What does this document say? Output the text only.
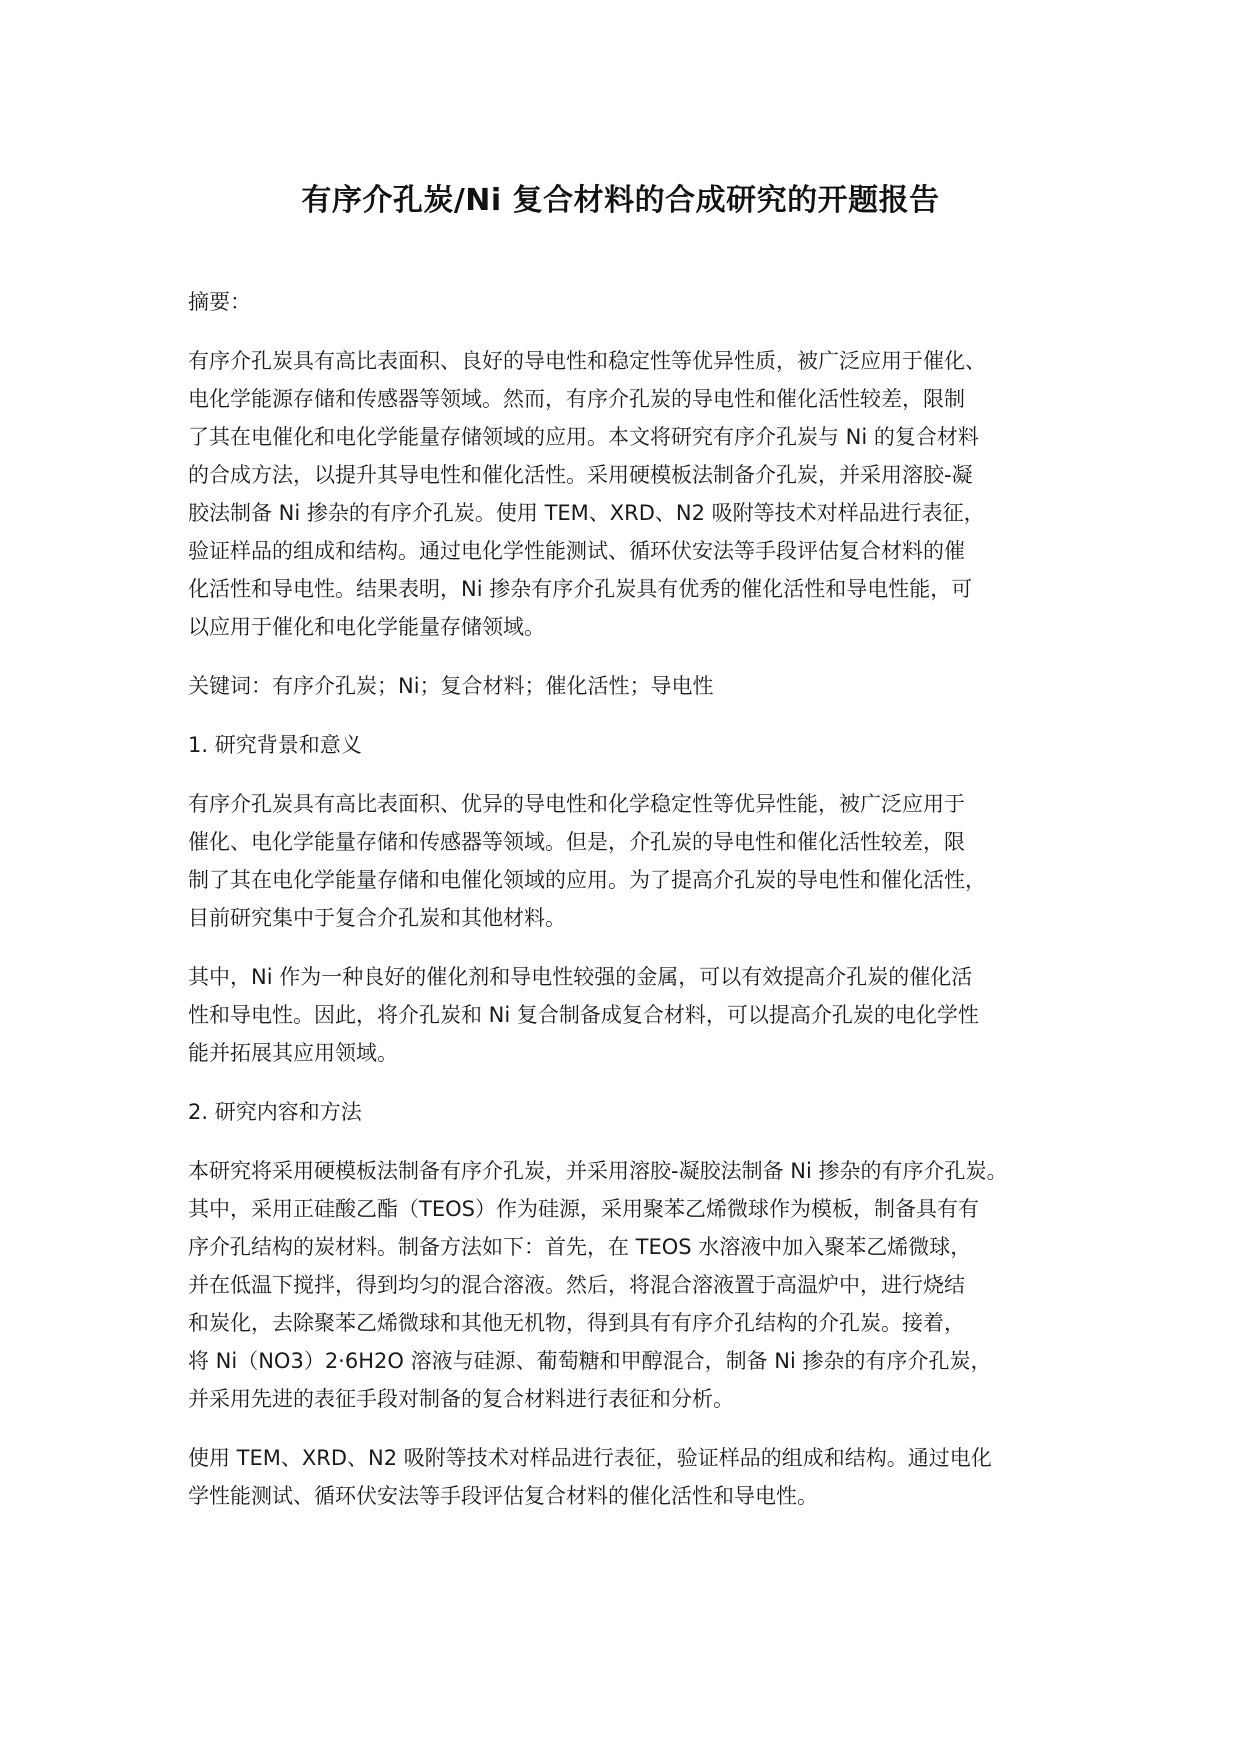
有序介孔炭/Ni 复合材料的合成研究的开题报告

摘要：

有序介孔炭具有高比表面积、良好的导电性和稳定性等优异性质，被广泛应用于催化、
电化学能源存储和传感器等领域。然而，有序介孔炭的导电性和催化活性较差，限制
了其在电催化和电化学能量存储领域的应用。本文将研究有序介孔炭与 Ni 的复合材料
的合成方法，以提升其导电性和催化活性。采用硬模板法制备介孔炭，并采用溶胶-凝
胶法制备 Ni 掺杂的有序介孔炭。使用 TEM、XRD、N2 吸附等技术对样品进行表征，
验证样品的组成和结构。通过电化学性能测试、循环伏安法等手段评估复合材料的催
化活性和导电性。结果表明，Ni 掺杂有序介孔炭具有优秀的催化活性和导电性能，可
以应用于催化和电化学能量存储领域。

关键词：有序介孔炭；Ni；复合材料；催化活性；导电性

1. 研究背景和意义

有序介孔炭具有高比表面积、优异的导电性和化学稳定性等优异性能，被广泛应用于
催化、电化学能量存储和传感器等领域。但是，介孔炭的导电性和催化活性较差，限
制了其在电化学能量存储和电催化领域的应用。为了提高介孔炭的导电性和催化活性，
目前研究集中于复合介孔炭和其他材料。

其中，Ni 作为一种良好的催化剂和导电性较强的金属，可以有效提高介孔炭的催化活
性和导电性。因此，将介孔炭和 Ni 复合制备成复合材料，可以提高介孔炭的电化学性
能并拓展其应用领域。

2. 研究内容和方法

本研究将采用硬模板法制备有序介孔炭，并采用溶胶-凝胶法制备 Ni 掺杂的有序介孔炭。
其中，采用正硅酸乙酯（TEOS）作为硅源，采用聚苯乙烯微球作为模板，制备具有有
序介孔结构的炭材料。制备方法如下：首先，在 TEOS 水溶液中加入聚苯乙烯微球，
并在低温下搅拌，得到均匀的混合溶液。然后，将混合溶液置于高温炉中，进行烧结
和炭化，去除聚苯乙烯微球和其他无机物，得到具有有序介孔结构的介孔炭。接着，
将 Ni（NO3）2·6H2O 溶液与硅源、葡萄糖和甲醇混合，制备 Ni 掺杂的有序介孔炭，
并采用先进的表征手段对制备的复合材料进行表征和分析。

使用 TEM、XRD、N2 吸附等技术对样品进行表征，验证样品的组成和结构。通过电化
学性能测试、循环伏安法等手段评估复合材料的催化活性和导电性。
